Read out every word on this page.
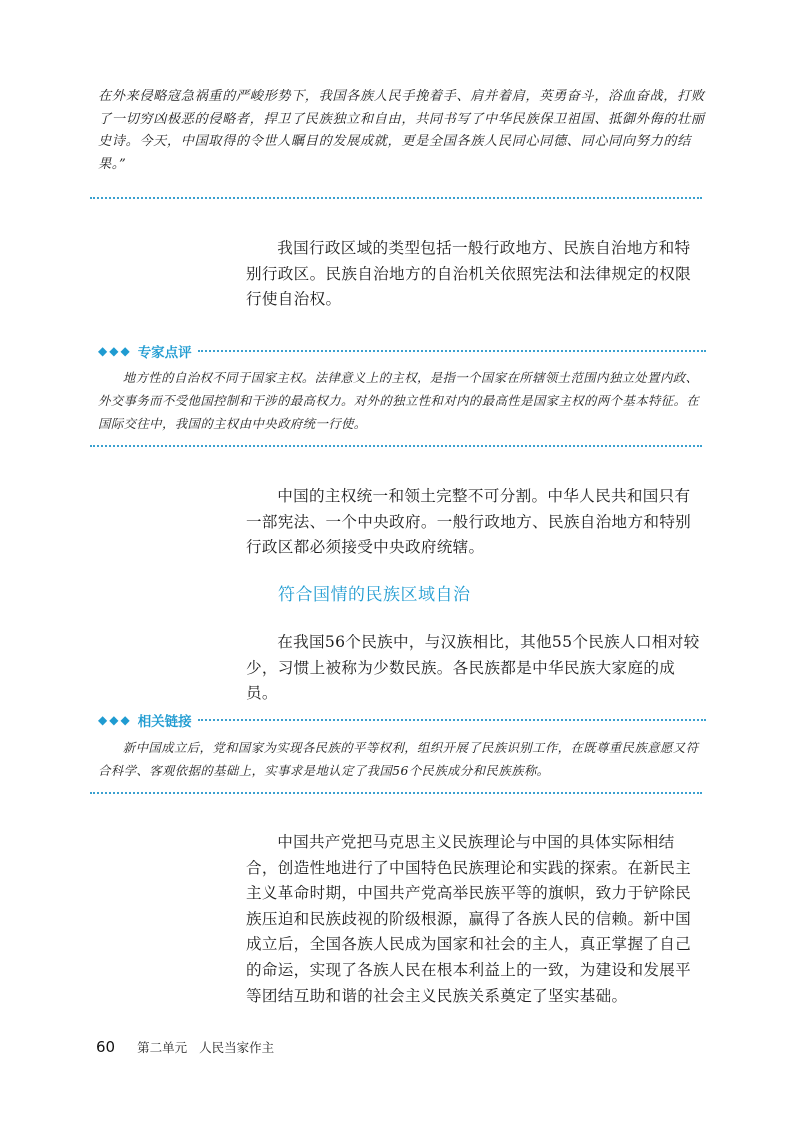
在外来侵略寇急祸重的严峻形势下，我国各族人民手挽着手、肩并着肩，英勇奋斗，浴血奋战，打败了一切穷凶极恶的侵略者，捍卫了民族独立和自由，共同书写了中华民族保卫祖国、抵御外侮的壮丽史诗。今天，中国取得的令世人瞩目的发展成就，更是全国各族人民同心同德、同心同向努力的结果。”
我国行政区域的类型包括一般行政地方、民族自治地方和特别行政区。民族自治地方的自治机关依照宪法和法律规定的权限行使自治权。
◆◆◆ 专家点评
地方性的自治权不同于国家主权。法律意义上的主权，是指一个国家在所辖领土范围内独立处置内政、外交事务而不受他国控制和干涉的最高权力。对外的独立性和对内的最高性是国家主权的两个基本特征。在国际交往中，我国的主权由中央政府统一行使。
中国的主权统一和领土完整不可分割。中华人民共和国只有一部宪法、一个中央政府。一般行政地方、民族自治地方和特别行政区都必须接受中央政府统辖。
符合国情的民族区域自治
在我国56个民族中，与汉族相比，其他55个民族人口相对较少，习惯上被称为少数民族。各民族都是中华民族大家庭的成员。
◆◆◆ 相关链接
新中国成立后，党和国家为实现各民族的平等权利，组织开展了民族识别工作，在既尊重民族意愿又符合科学、客观依据的基础上，实事求是地认定了我国56个民族成分和民族族称。
中国共产党把马克思主义民族理论与中国的具体实际相结合，创造性地进行了中国特色民族理论和实践的探索。在新民主主义革命时期，中国共产党高举民族平等的旗帜，致力于铲除民族压迫和民族歧视的阶级根源，赢得了各族人民的信赖。新中国成立后，全国各族人民成为国家和社会的主人，真正掌握了自己的命运，实现了各族人民在根本利益上的一致，为建设和发展平等团结互助和谐的社会主义民族关系奠定了坚实基础。
60 第二单元 人民当家作主
